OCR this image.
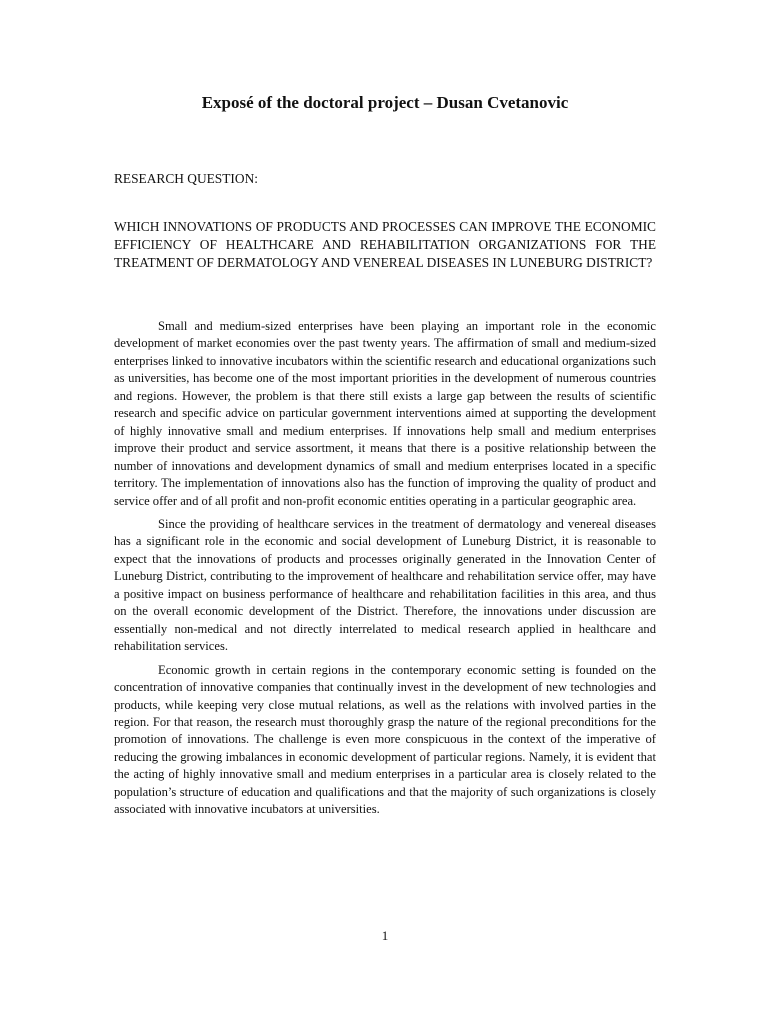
Exposé of the doctoral project – Dusan Cvetanovic

RESEARCH QUESTION:

WHICH INNOVATIONS OF PRODUCTS AND PROCESSES CAN IMPROVE THE ECONOMIC EFFICIENCY OF HEALTHCARE AND REHABILITATION ORGANIZATIONS FOR THE TREATMENT OF DERMATOLOGY AND VENEREAL DISEASES IN LUNEBURG DISTRICT?

Small and medium-sized enterprises have been playing an important role in the economic development of market economies over the past twenty years. The affirmation of small and medium-sized enterprises linked to innovative incubators within the scientific research and educational organizations such as universities, has become one of the most important priorities in the development of numerous countries and regions. However, the problem is that there still exists a large gap between the results of scientific research and specific advice on particular government interventions aimed at supporting the development of highly innovative small and medium enterprises. If innovations help small and medium enterprises improve their product and service assortment, it means that there is a positive relationship between the number of innovations and development dynamics of small and medium enterprises located in a specific territory. The implementation of innovations also has the function of improving the quality of product and service offer and of all profit and non-profit economic entities operating in a particular geographic area.

Since the providing of healthcare services in the treatment of dermatology and venereal diseases has a significant role in the economic and social development of Luneburg District, it is reasonable to expect that the innovations of products and processes originally generated in the Innovation Center of Luneburg District, contributing to the improvement of healthcare and rehabilitation service offer, may have a positive impact on business performance of healthcare and rehabilitation facilities in this area, and thus on the overall economic development of the District. Therefore, the innovations under discussion are essentially non-medical and not directly interrelated to medical research applied in healthcare and rehabilitation services.

Economic growth in certain regions in the contemporary economic setting is founded on the concentration of innovative companies that continually invest in the development of new technologies and products, while keeping very close mutual relations, as well as the relations with involved parties in the region. For that reason, the research must thoroughly grasp the nature of the regional preconditions for the promotion of innovations. The challenge is even more conspicuous in the context of the imperative of reducing the growing imbalances in economic development of particular regions. Namely, it is evident that the acting of highly innovative small and medium enterprises in a particular area is closely related to the population’s structure of education and qualifications and that the majority of such organizations is closely associated with innovative incubators at universities.

1
